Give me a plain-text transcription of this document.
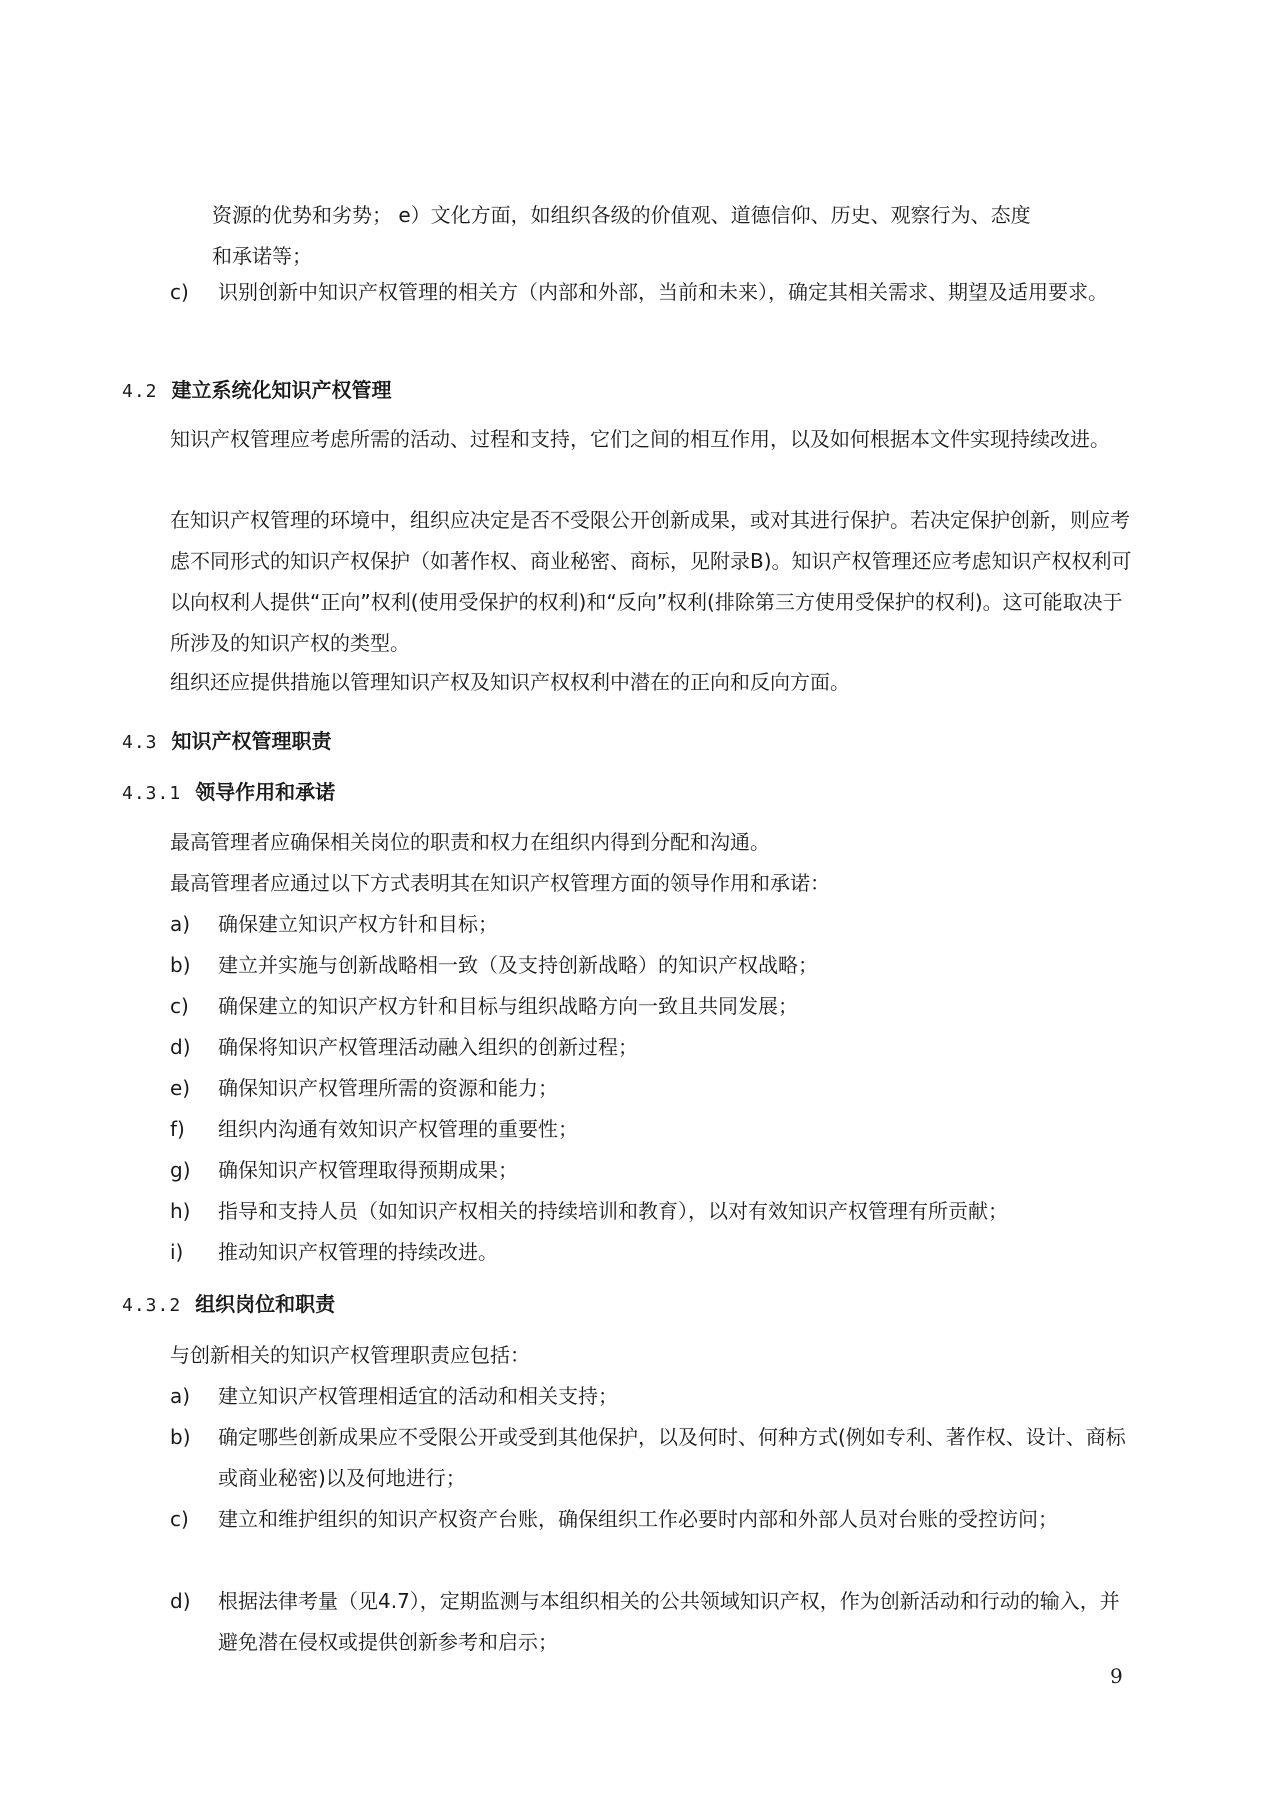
资源的优势和劣势； e）文化方面，如组织各级的价值观、道德信仰、历史、观察行为、态度
和承诺等；
c)	识别创新中知识产权管理的相关方（内部和外部，当前和未来），确定其相关需求、期望及适用要求。
4.2 建立系统化知识产权管理
知识产权管理应考虑所需的活动、过程和支持，它们之间的相互作用，以及如何根据本文件实现持续改进。
在知识产权管理的环境中，组织应决定是否不受限公开创新成果，或对其进行保护。若决定保护创新，则应考虑不同形式的知识产权保护（如著作权、商业秘密、商标，见附录B)。知识产权管理还应考虑知识产权权利可以向权利人提供“正向”权利(使用受保护的权利)和“反向”权利(排除第三方使用受保护的权利)。这可能取决于所涉及的知识产权的类型。
组织还应提供措施以管理知识产权及知识产权权利中潜在的正向和反向方面。
4.3 知识产权管理职责
4.3.1 领导作用和承诺
最高管理者应确保相关岗位的职责和权力在组织内得到分配和沟通。
最高管理者应通过以下方式表明其在知识产权管理方面的领导作用和承诺：
a)	确保建立知识产权方针和目标；
b)	建立并实施与创新战略相一致（及支持创新战略）的知识产权战略；
c)	确保建立的知识产权方针和目标与组织战略方向一致且共同发展；
d)	确保将知识产权管理活动融入组织的创新过程；
e)	确保知识产权管理所需的资源和能力；
f)	组织内沟通有效知识产权管理的重要性；
g)	确保知识产权管理取得预期成果；
h)	指导和支持人员（如知识产权相关的持续培训和教育），以对有效知识产权管理有所贡献；
i)	推动知识产权管理的持续改进。
4.3.2 组织岗位和职责
与创新相关的知识产权管理职责应包括：
a)	建立知识产权管理相适宜的活动和相关支持；
b)	确定哪些创新成果应不受限公开或受到其他保护，以及何时、何种方式(例如专利、著作权、设计、商标或商业秘密)以及何地进行；
c)	建立和维护组织的知识产权资产台账，确保组织工作必要时内部和外部人员对台账的受控访问；
d)	根据法律考量（见4.7），定期监测与本组织相关的公共领域知识产权，作为创新活动和行动的输入，并避免潜在侵权或提供创新参考和启示；
9
